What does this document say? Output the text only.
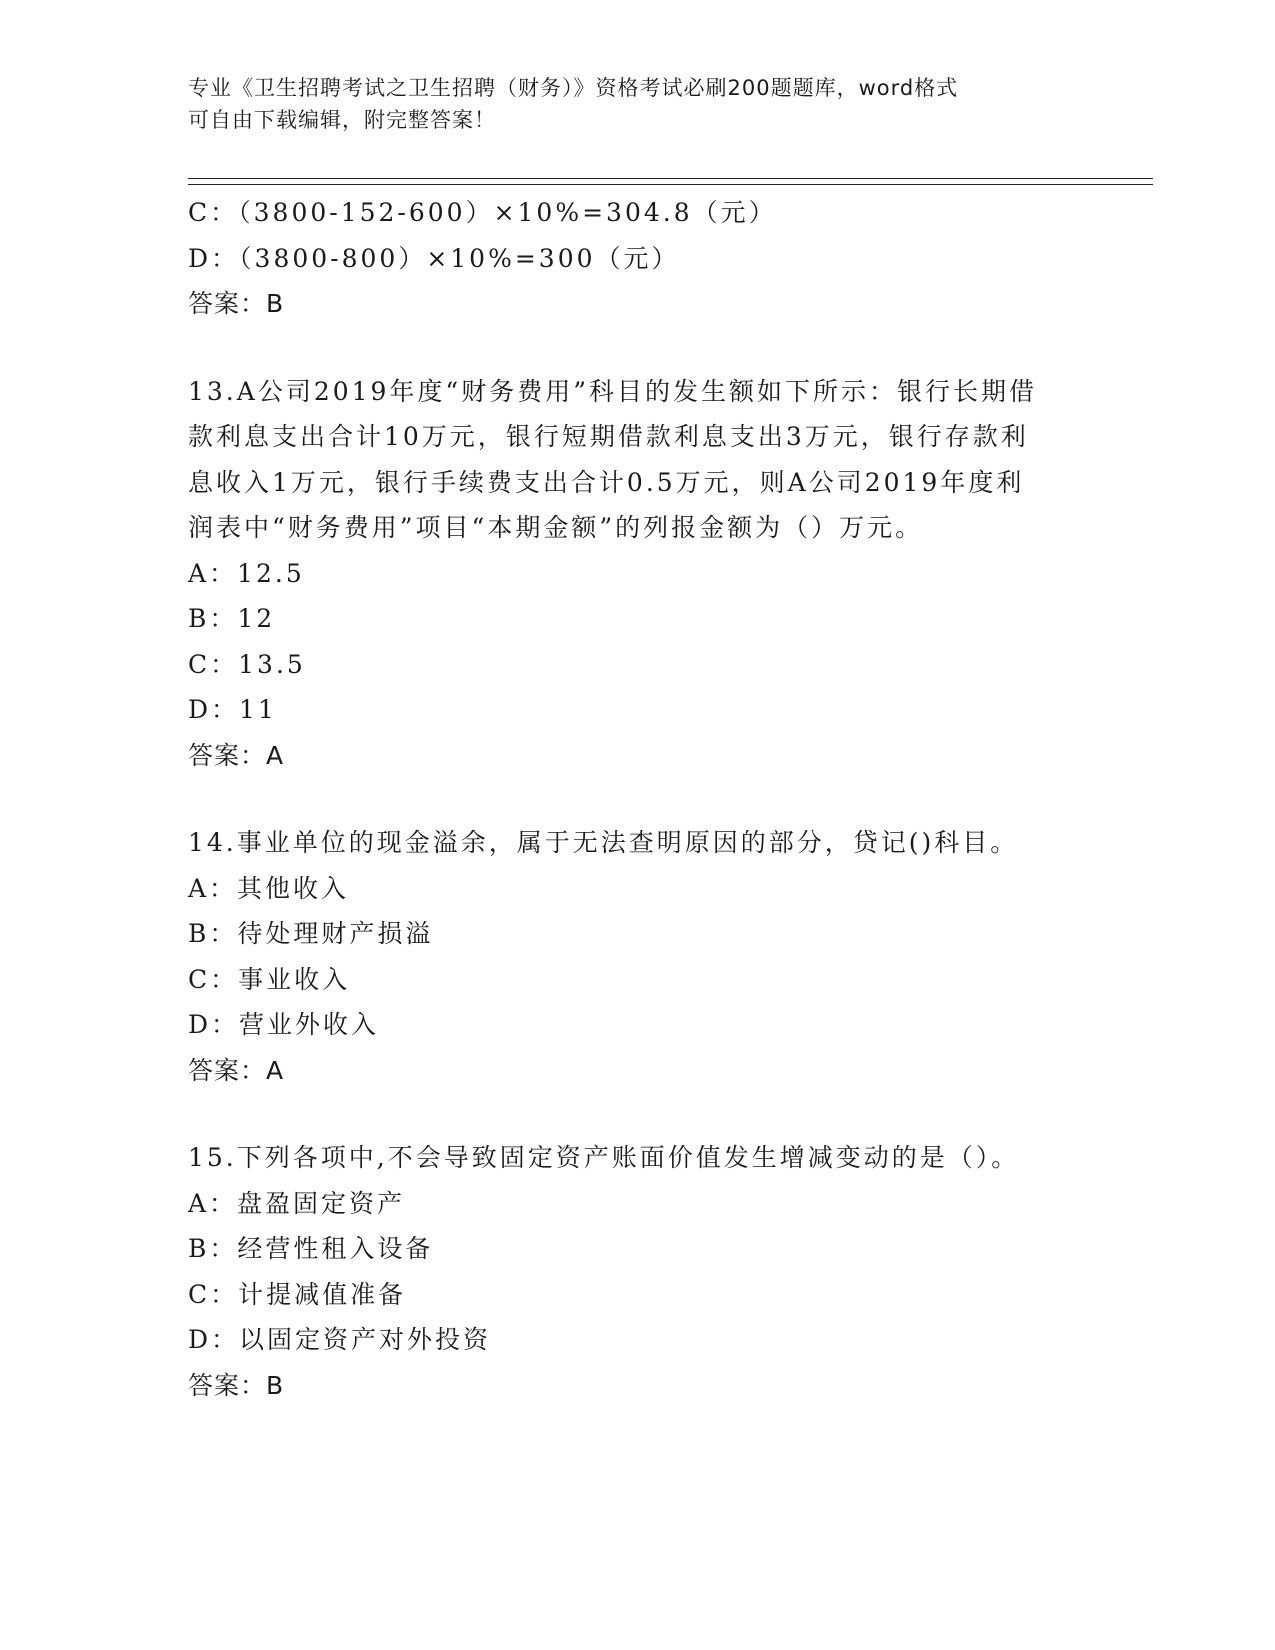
专业《卫生招聘考试之卫生招聘（财务）》资格考试必刷200题题库，word格式
可自由下载编辑，附完整答案！
C：（3800-152-600）×10%=304.8（元）
D：（3800-800）×10%=300（元）
答案：B
13.A公司2019年度“财务费用”科目的发生额如下所示：银行长期借
款利息支出合计10万元，银行短期借款利息支出3万元，银行存款利
息收入1万元，银行手续费支出合计0.5万元，则A公司2019年度利
润表中“财务费用”项目“本期金额”的列报金额为（）万元。
A：12.5
B：12
C：13.5
D：11
答案：A
14.事业单位的现金溢余，属于无法查明原因的部分，贷记()科目。
A：其他收入
B：待处理财产损溢
C：事业收入
D：营业外收入
答案：A
15.下列各项中,不会导致固定资产账面价值发生增减变动的是（）。
A：盘盈固定资产
B：经营性租入设备
C：计提减值准备
D：以固定资产对外投资
答案：B
